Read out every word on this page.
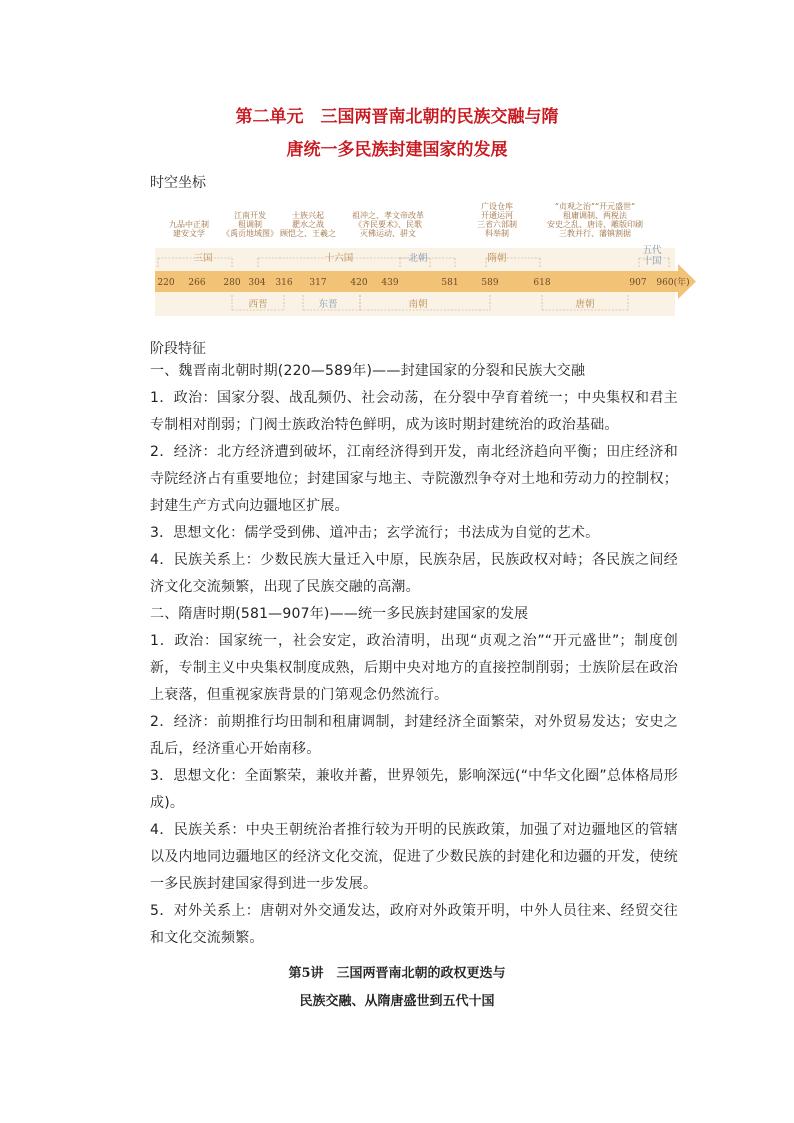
第二单元　三国两晋南北朝的民族交融与隋
唐统一多民族封建国家的发展
时空坐标
九品中正制
建安文学
江南开发
租调制
《禹贡地域图》
士族兴起
淝水之战
顾恺之、王羲之
祖冲之、孝文帝改革
《齐民要术》、民歌
灭佛运动、骈文
广设仓库
开通运河
三省六部制
科举制
“贞观之治”“开元盛世”
租庸调制、两税法
安史之乱、唐诗、雕版印刷
三教并行、藩镇割据
三国	十六国	北朝	隋朝
五代
十国
220 266 280 304 316 317	420 439	581	589	618	907 960(年)
西晋	东晋	南朝	唐朝
阶段特征
一、魏晋南北朝时期(220—589年)——封建国家的分裂和民族大交融
1．政治：国家分裂、战乱频仍、社会动荡，在分裂中孕育着统一；中央集权和君主专制相对削弱；门阀士族政治特色鲜明，成为该时期封建统治的政治基础。
2．经济：北方经济遭到破坏，江南经济得到开发，南北经济趋向平衡；田庄经济和寺院经济占有重要地位；封建国家与地主、寺院激烈争夺对土地和劳动力的控制权；封建生产方式向边疆地区扩展。
3．思想文化：儒学受到佛、道冲击；玄学流行；书法成为自觉的艺术。
4．民族关系上：少数民族大量迁入中原，民族杂居，民族政权对峙；各民族之间经济文化交流频繁，出现了民族交融的高潮。
二、隋唐时期(581—907年)——统一多民族封建国家的发展
1．政治：国家统一，社会安定，政治清明，出现“贞观之治”“开元盛世”；制度创新，专制主义中央集权制度成熟，后期中央对地方的直接控制削弱；士族阶层在政治上衰落，但重视家族背景的门第观念仍然流行。
2．经济：前期推行均田制和租庸调制，封建经济全面繁荣，对外贸易发达；安史之乱后，经济重心开始南移。
3．思想文化：全面繁荣，兼收并蓄，世界领先，影响深远(“中华文化圈”总体格局形成)。
4．民族关系：中央王朝统治者推行较为开明的民族政策，加强了对边疆地区的管辖以及内地同边疆地区的经济文化交流，促进了少数民族的封建化和边疆的开发，使统一多民族封建国家得到进一步发展。
5．对外关系上：唐朝对外交通发达，政府对外政策开明，中外人员往来、经贸交往和文化交流频繁。
第5讲　三国两晋南北朝的政权更迭与
民族交融、从隋唐盛世到五代十国
